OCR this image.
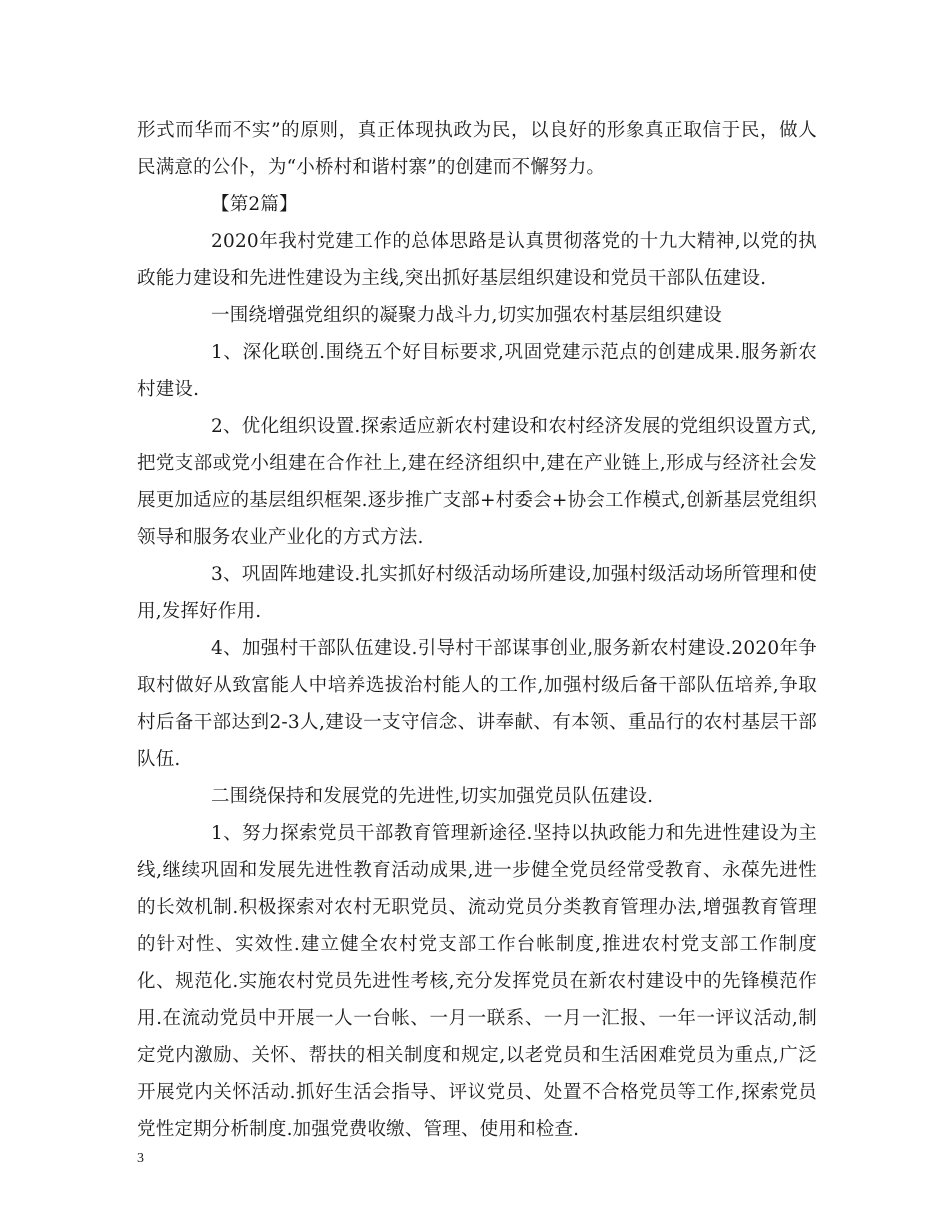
形式而华而不实”的原则，真正体现执政为民，以良好的形象真正取信于民，做人民满意的公仆，为“小桥村和谐村寨”的创建而不懈努力。

【第2篇】

2020年我村党建工作的总体思路是认真贯彻落党的十九大精神,以党的执政能力建设和先进性建设为主线,突出抓好基层组织建设和党员干部队伍建设.

一围绕增强党组织的凝聚力战斗力,切实加强农村基层组织建设

1、深化联创.围绕五个好目标要求,巩固党建示范点的创建成果.服务新农村建设.

2、优化组织设置.探索适应新农村建设和农村经济发展的党组织设置方式,把党支部或党小组建在合作社上,建在经济组织中,建在产业链上,形成与经济社会发展更加适应的基层组织框架.逐步推广支部+村委会+协会工作模式,创新基层党组织领导和服务农业产业化的方式方法.

3、巩固阵地建设.扎实抓好村级活动场所建设,加强村级活动场所管理和使用,发挥好作用.

4、加强村干部队伍建设.引导村干部谋事创业,服务新农村建设.2020年争取村做好从致富能人中培养选拔治村能人的工作,加强村级后备干部队伍培养,争取村后备干部达到2-3人,建设一支守信念、讲奉献、有本领、重品行的农村基层干部队伍.

二围绕保持和发展党的先进性,切实加强党员队伍建设.

1、努力探索党员干部教育管理新途径.坚持以执政能力和先进性建设为主线,继续巩固和发展先进性教育活动成果,进一步健全党员经常受教育、永葆先进性的长效机制.积极探索对农村无职党员、流动党员分类教育管理办法,增强教育管理的针对性、实效性.建立健全农村党支部工作台帐制度,推进农村党支部工作制度化、规范化.实施农村党员先进性考核,充分发挥党员在新农村建设中的先锋模范作用.在流动党员中开展一人一台帐、一月一联系、一月一汇报、一年一评议活动,制定党内激励、关怀、帮扶的相关制度和规定,以老党员和生活困难党员为重点,广泛开展党内关怀活动.抓好生活会指导、评议党员、处置不合格党员等工作,探索党员党性定期分析制度.加强党费收缴、管理、使用和检查.

3
